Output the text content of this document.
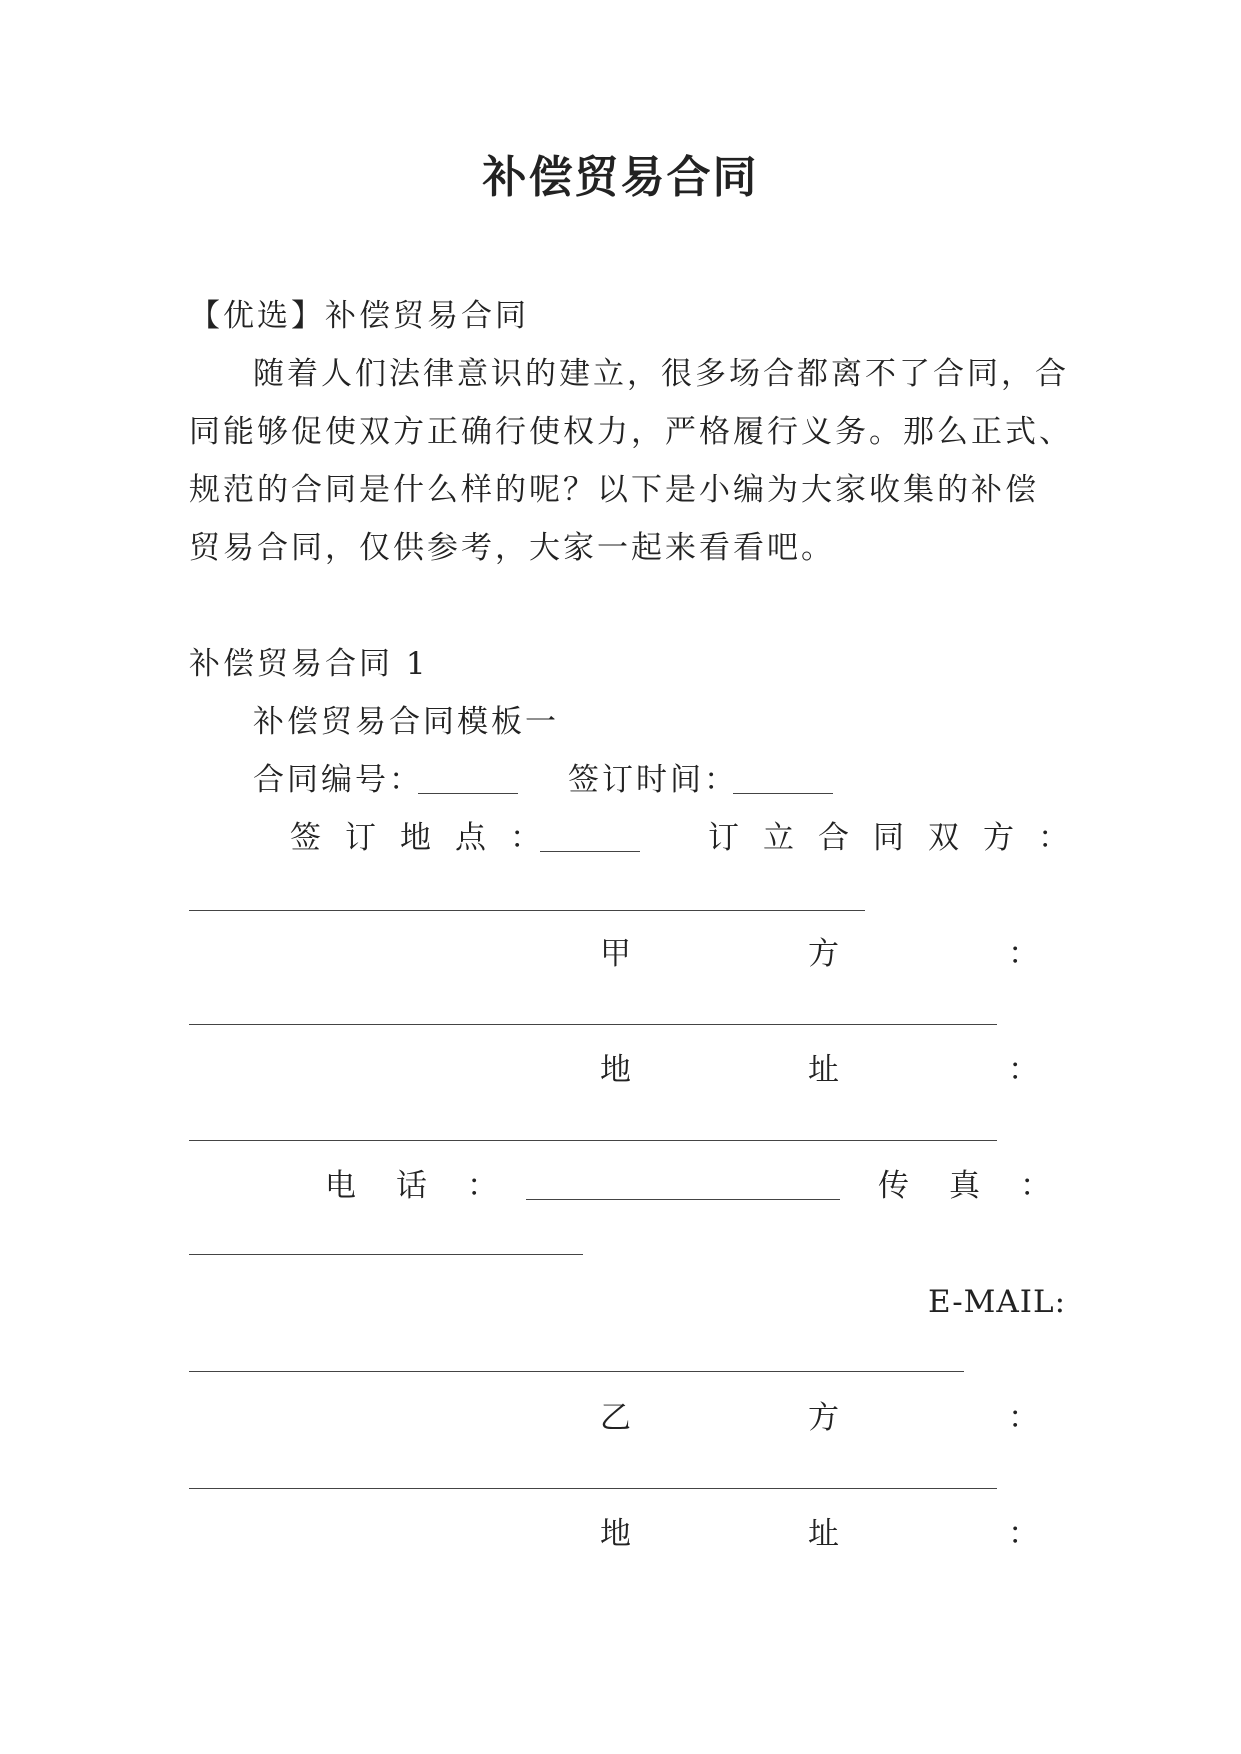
补偿贸易合同
【优选】补偿贸易合同
随着人们法律意识的建立，很多场合都离不了合同，合
同能够促使双方正确行使权力，严格履行义务。那么正式、
规范的合同是什么样的呢？以下是小编为大家收集的补偿
贸易合同，仅供参考，大家一起来看看吧。
补偿贸易合同 1
补偿贸易合同模板一
合同编号：	签订时间：
签订地点：	订立合同双方：
甲	方	：
地	址	：
电话：	传真：
E-MAIL:
乙	方	：
地	址	：
